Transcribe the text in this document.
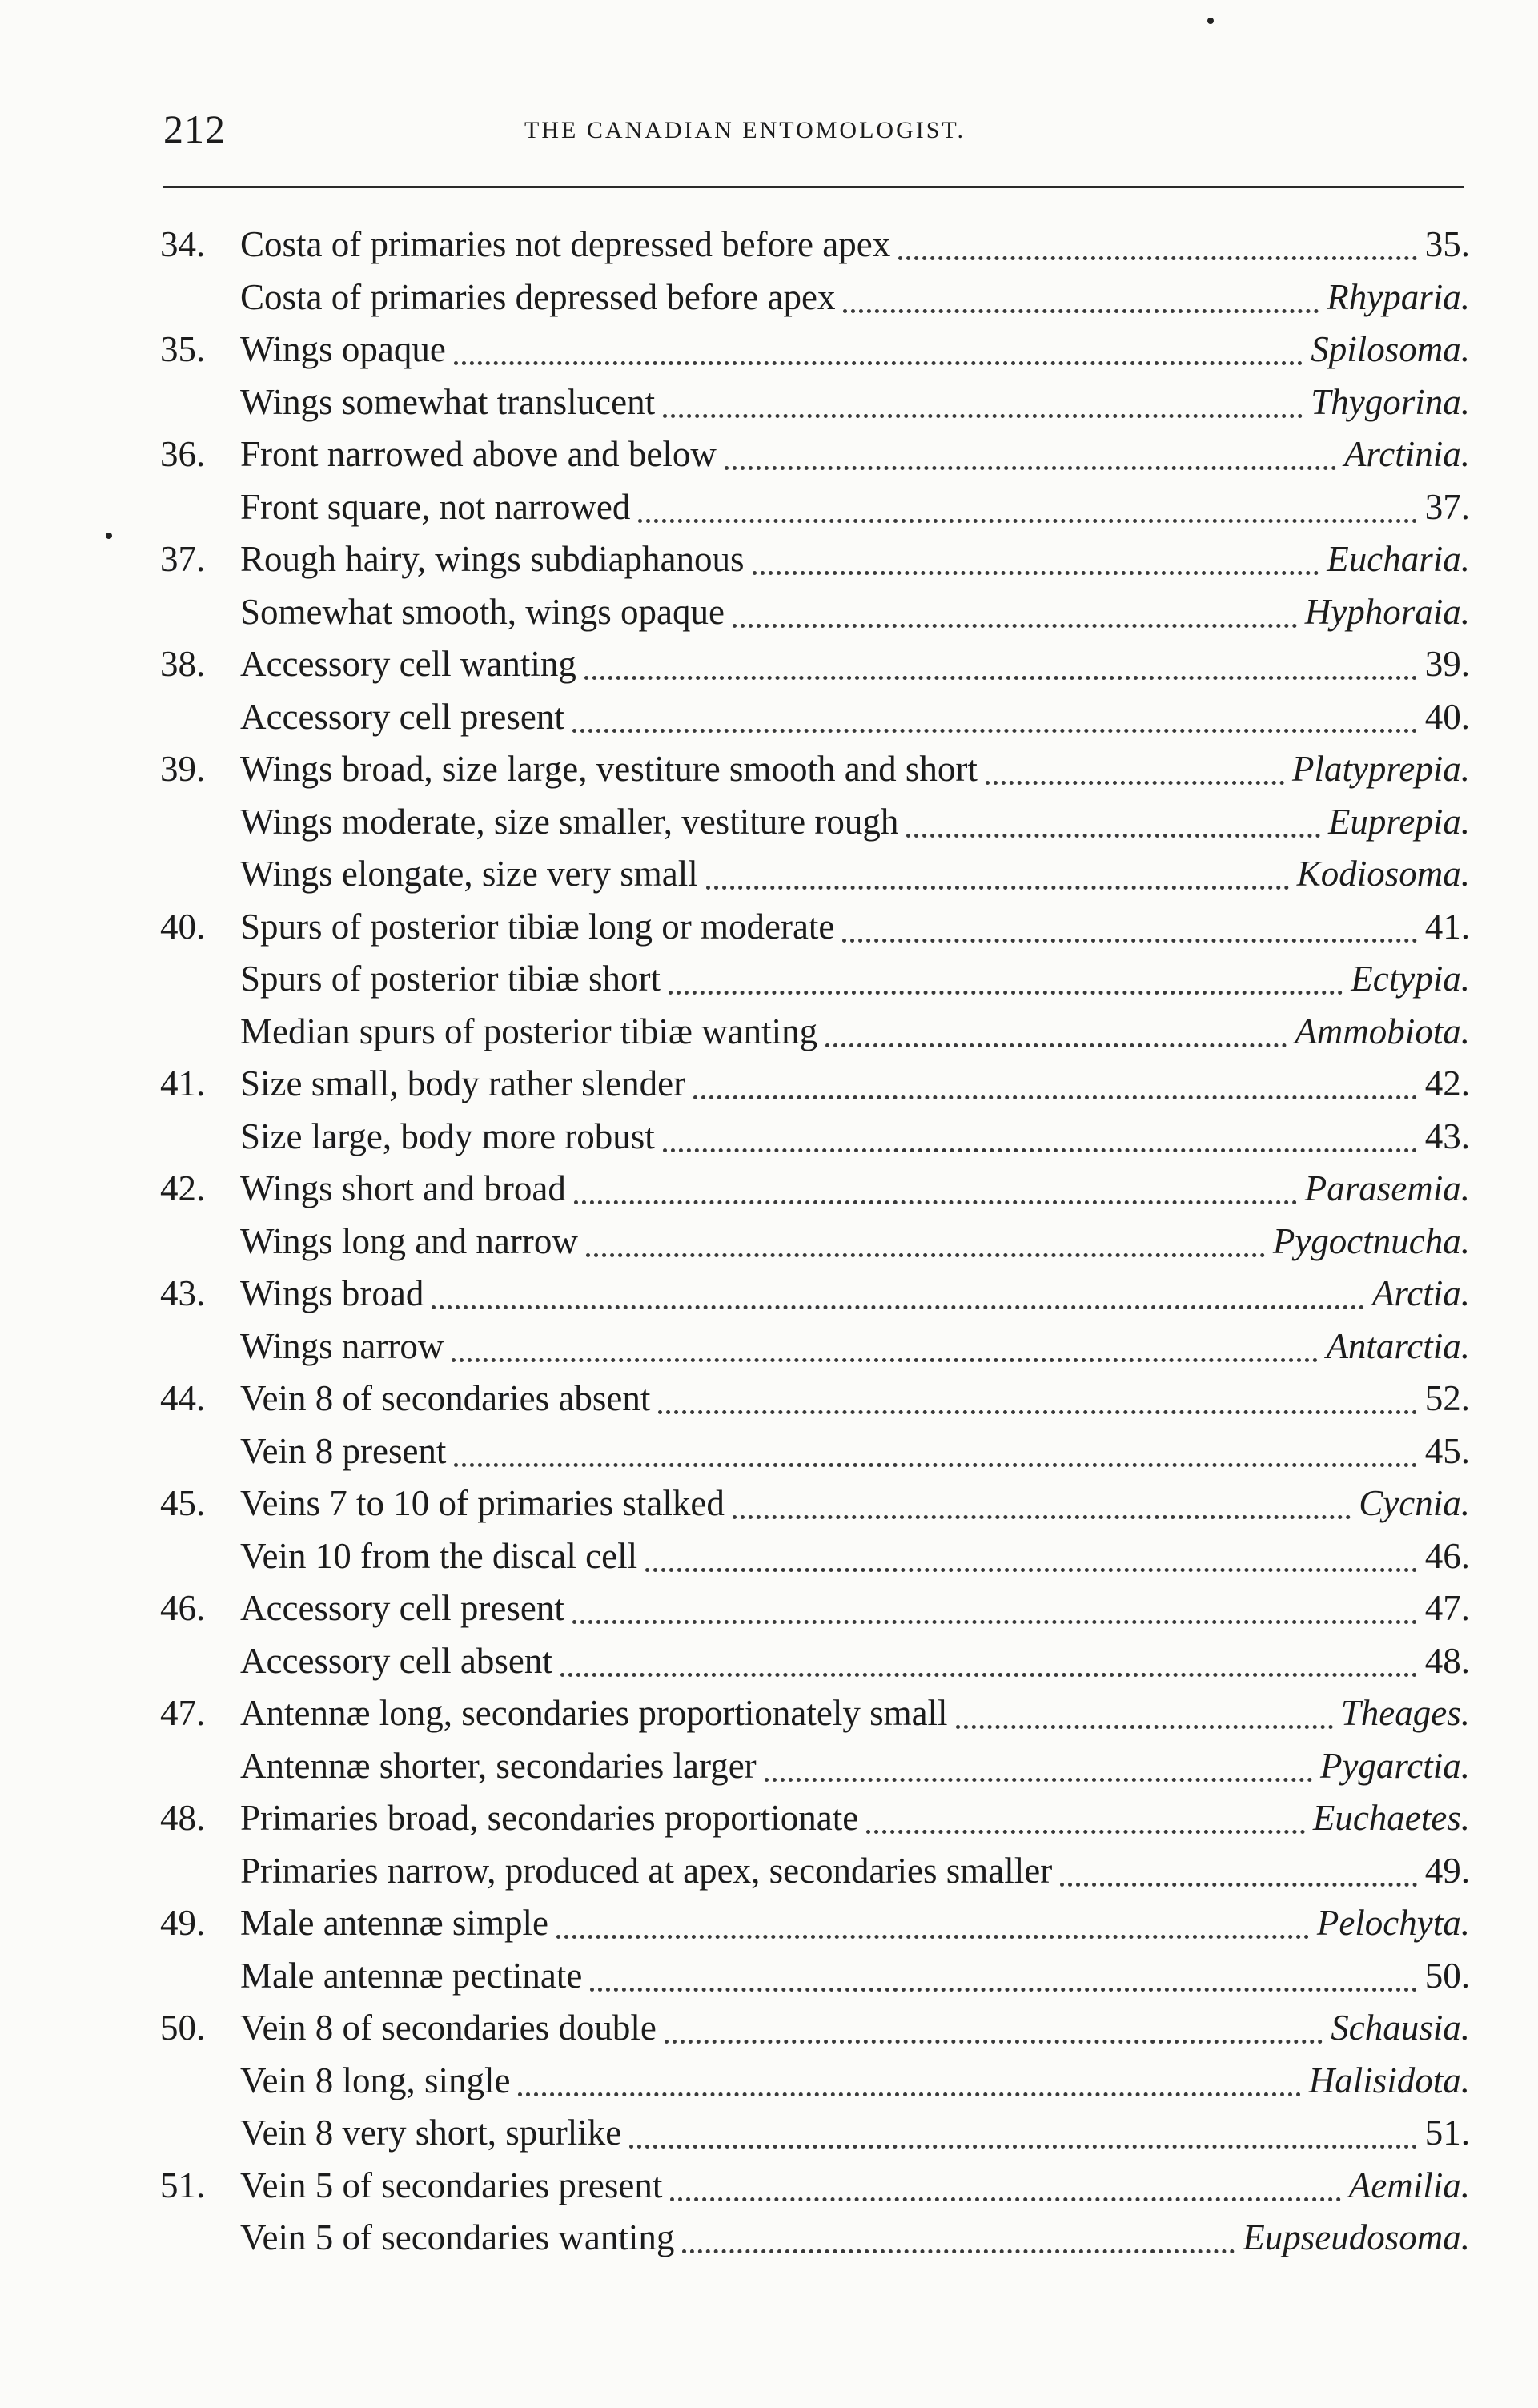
212	THE CANADIAN ENTOMOLOGIST.
34. Costa of primaries not depressed before apex	35.
Costa of primaries depressed before apex	Rhyparia.
35. Wings opaque	Spilosoma.
Wings somewhat translucent	Thygorina.
36. Front narrowed above and below	Arctinia.
Front square, not narrowed	37.
37. Rough hairy, wings subdiaphanous	Eucharia.
Somewhat smooth, wings opaque	Hyphoraia.
38. Accessory cell wanting	39.
Accessory cell present	40.
39. Wings broad, size large, vestiture smooth and short	Platyprepia.
Wings moderate, size smaller, vestiture rough	Euprepia.
Wings elongate, size very small	Kodiosoma.
40. Spurs of posterior tibiæ long or moderate	41.
Spurs of posterior tibiæ short	Ectypia.
Median spurs of posterior tibiæ wanting	Ammobiota.
41. Size small, body rather slender	42.
Size large, body more robust	43.
42. Wings short and broad	Parasemia.
Wings long and narrow	Pygoctnucha.
43. Wings broad	Arctia.
Wings narrow	Antarctia.
44. Vein 8 of secondaries absent	52.
Vein 8 present	45.
45. Veins 7 to 10 of primaries stalked	Cycnia.
Vein 10 from the discal cell	46.
46. Accessory cell present	47.
Accessory cell absent	48.
47. Antennæ long, secondaries proportionately small	Theages.
Antennæ shorter, secondaries larger	Pygarctia.
48. Primaries broad, secondaries proportionate	Euchaetes.
Primaries narrow, produced at apex, secondaries smaller	49.
49. Male antennæ simple	Pelochyta.
Male antennæ pectinate	50.
50. Vein 8 of secondaries double	Schausia.
Vein 8 long, single	Halisidota.
Vein 8 very short, spurlike	51.
51. Vein 5 of secondaries present	Aemilia.
Vein 5 of secondaries wanting	Eupseudosoma.
